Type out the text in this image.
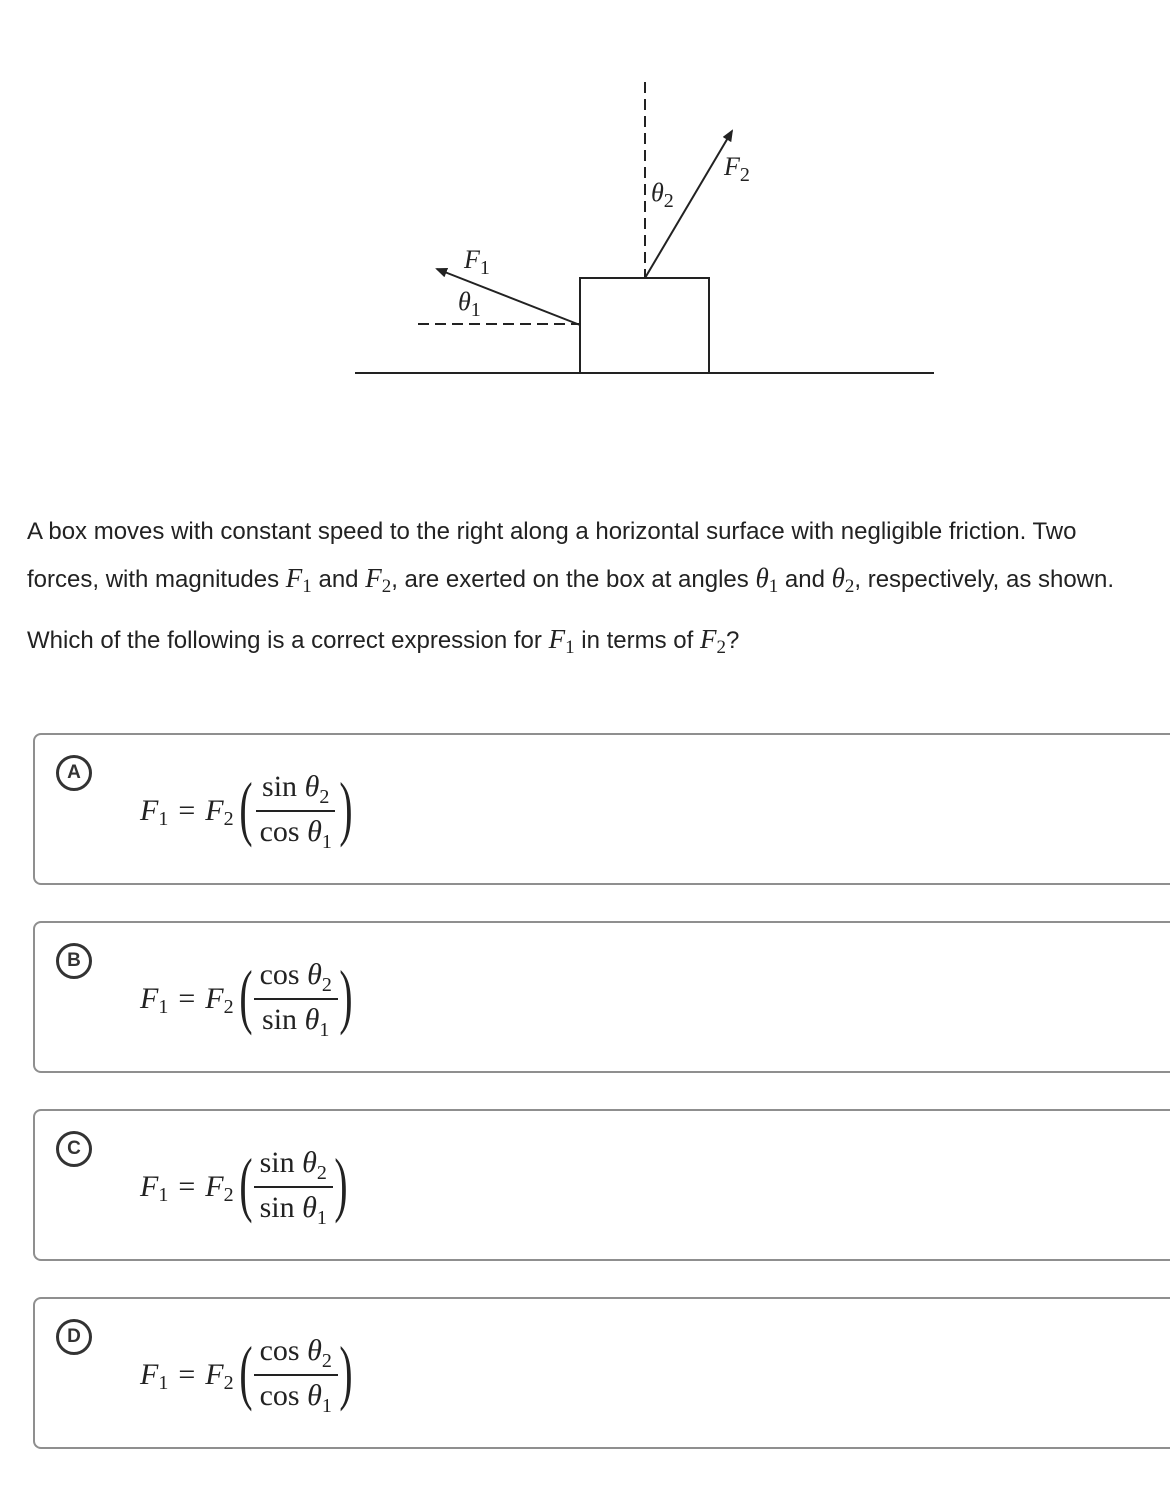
$F_1$
$\theta_1$
$\theta_2$
$F_2$
A box moves with constant speed to the right along a horizontal surface with negligible friction. Two
forces, with magnitudes $F_1$ and $F_2$, are exerted on the box at angles $\theta_1$ and $\theta_2$, respectively, as shown.
Which of the following is a correct expression for $F_1$ in terms of $F_2$?
A
F 1 = F 2 ( $\frac{\sin \theta_2}{\cos \theta_1}$ )
B
F 1 = F 2 ( $\frac{\cos \theta_2}{\sin \theta_1}$ )
C
F 1 = F 2 ( $\frac{\sin \theta_2}{\sin \theta_1}$ )
D
F 1 = F 2 ( $\frac{\cos \theta_2}{\cos \theta_1}$ )
